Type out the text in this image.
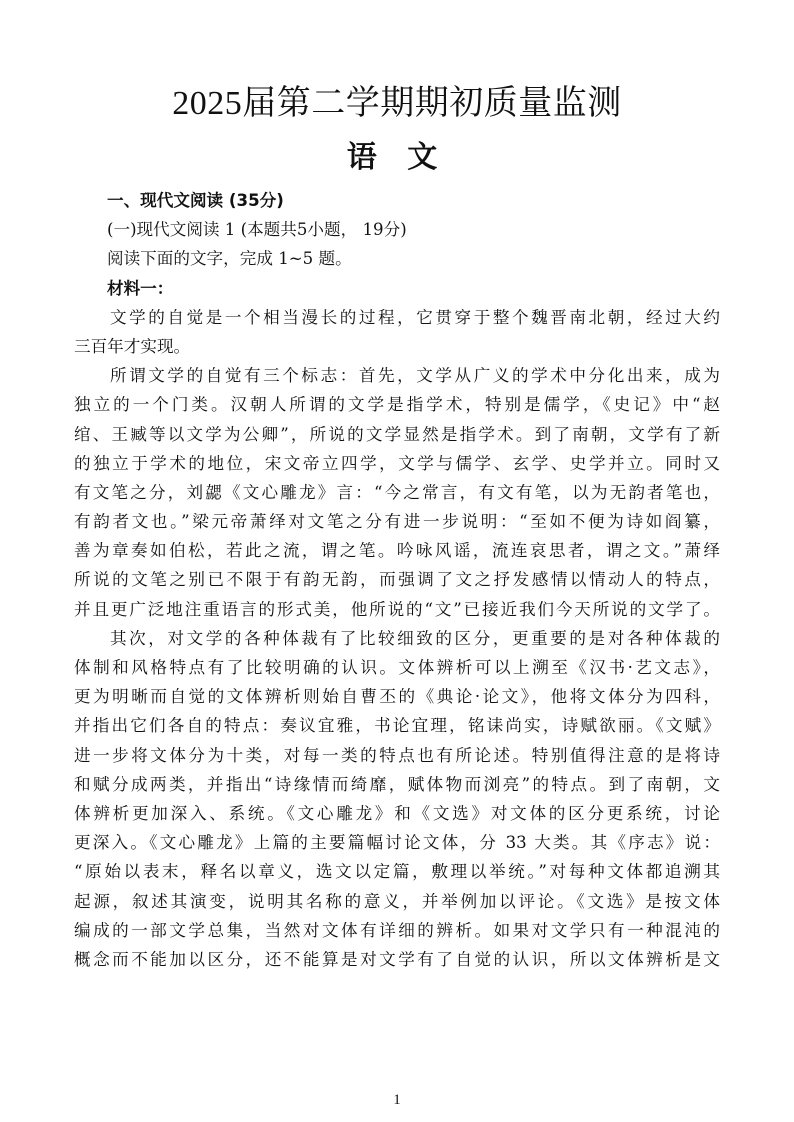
2025届第二学期期初质量监测
语 文
一、现代文阅读 (35分)
(一)现代文阅读 1 (本题共5小题， 19分)
阅读下面的文字，完成 1~5 题。
材料一：
文学的自觉是一个相当漫长的过程，它贯穿于整个魏晋南北朝，经过大约
三百年才实现。
所谓文学的自觉有三个标志：首先，文学从广义的学术中分化出来，成为
独立的一个门类。汉朝人所谓的文学是指学术，特别是儒学，《史记》中“赵
绾、王臧等以文学为公卿”，所说的文学显然是指学术。到了南朝，文学有了新
的独立于学术的地位，宋文帝立四学，文学与儒学、玄学、史学并立。同时又
有文笔之分，刘勰《文心雕龙》言：“今之常言，有文有笔，以为无韵者笔也，
有韵者文也。”梁元帝萧绎对文笔之分有进一步说明：“至如不便为诗如阎纂，
善为章奏如伯松，若此之流，谓之笔。吟咏风谣，流连哀思者，谓之文。”萧绎
所说的文笔之别已不限于有韵无韵，而强调了文之抒发感情以情动人的特点，
并且更广泛地注重语言的形式美，他所说的“文”已接近我们今天所说的文学了。
其次，对文学的各种体裁有了比较细致的区分，更重要的是对各种体裁的
体制和风格特点有了比较明确的认识。文体辨析可以上溯至《汉书·艺文志》，
更为明晰而自觉的文体辨析则始自曹丕的《典论·论文》，他将文体分为四科，
并指出它们各自的特点：奏议宜雅，书论宜理，铭诔尚实，诗赋欲丽。《文赋》
进一步将文体分为十类，对每一类的特点也有所论述。特别值得注意的是将诗
和赋分成两类，并指出“诗缘情而绮靡，赋体物而浏亮”的特点。到了南朝，文
体辨析更加深入、系统。《文心雕龙》和《文选》对文体的区分更系统，讨论
更深入。《文心雕龙》上篇的主要篇幅讨论文体，分 33 大类。其《序志》说：
“原始以表末，释名以章义，选文以定篇，敷理以举统。”对每种文体都追溯其
起源，叙述其演变，说明其名称的意义，并举例加以评论。《文选》是按文体
编成的一部文学总集，当然对文体有详细的辨析。如果对文学只有一种混沌的
概念而不能加以区分，还不能算是对文学有了自觉的认识，所以文体辨析是文
1
